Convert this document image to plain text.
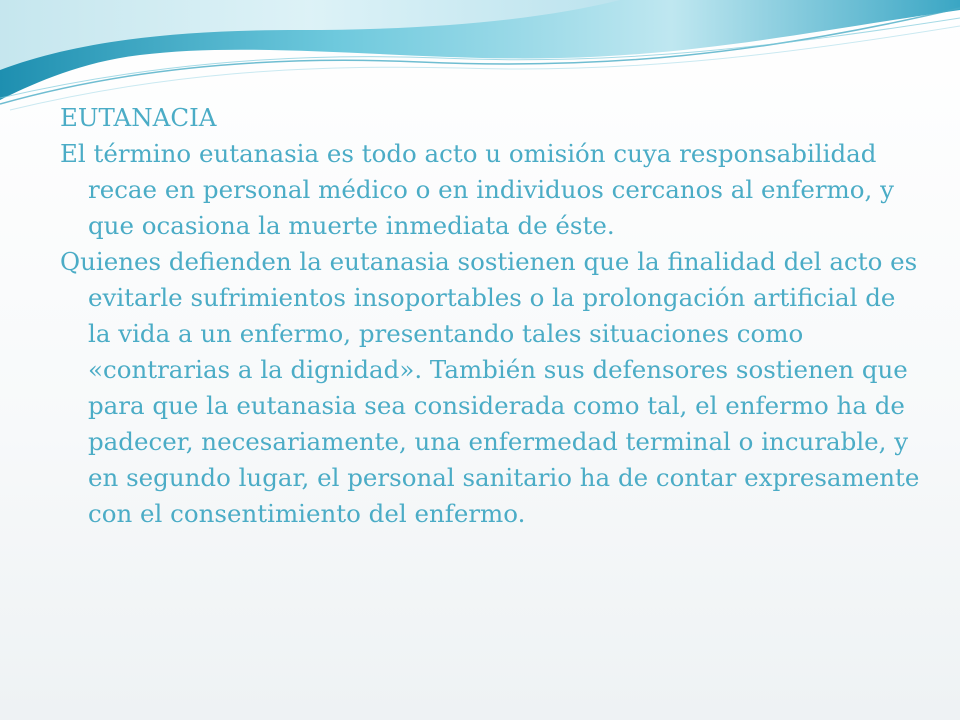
EUTANACIA

El término eutanasia es todo acto u omisión cuya responsabilidad recae en personal médico o en individuos cercanos al enfermo, y que ocasiona la muerte inmediata de éste.

Quienes defienden la eutanasia sostienen que la finalidad del acto es evitarle sufrimientos insoportables o la prolongación artificial de la vida a un enfermo, presentando tales situaciones como «contrarias a la dignidad». También sus defensores sostienen que para que la eutanasia sea considerada como tal, el enfermo ha de padecer, necesariamente, una enfermedad terminal o incurable, y en segundo lugar, el personal sanitario ha de contar expresamente con el consentimiento del enfermo.
